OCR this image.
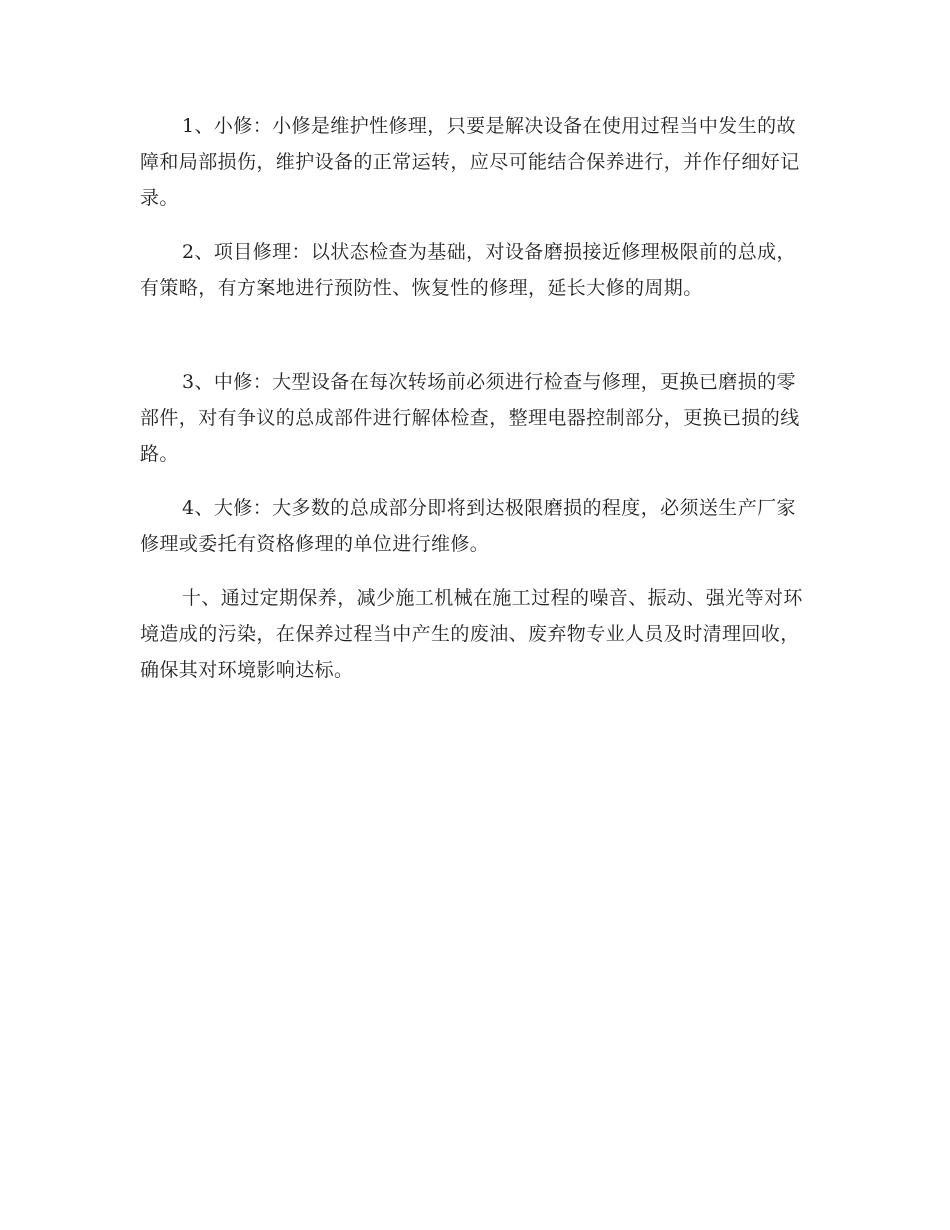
1、小修：小修是维护性修理，只要是解决设备在使用过程当中发生的故障和局部损伤，维护设备的正常运转，应尽可能结合保养进行，并作仔细好记录。

2、项目修理：以状态检查为基础，对设备磨损接近修理极限前的总成，有策略，有方案地进行预防性、恢复性的修理，延长大修的周期。

3、中修：大型设备在每次转场前必须进行检查与修理，更换已磨损的零部件，对有争议的总成部件进行解体检查，整理电器控制部分，更换已损的线路。

4、大修：大多数的总成部分即将到达极限磨损的程度，必须送生产厂家修理或委托有资格修理的单位进行维修。

十、通过定期保养，减少施工机械在施工过程的噪音、振动、强光等对环境造成的污染，在保养过程当中产生的废油、废弃物专业人员及时清理回收，确保其对环境影响达标。
